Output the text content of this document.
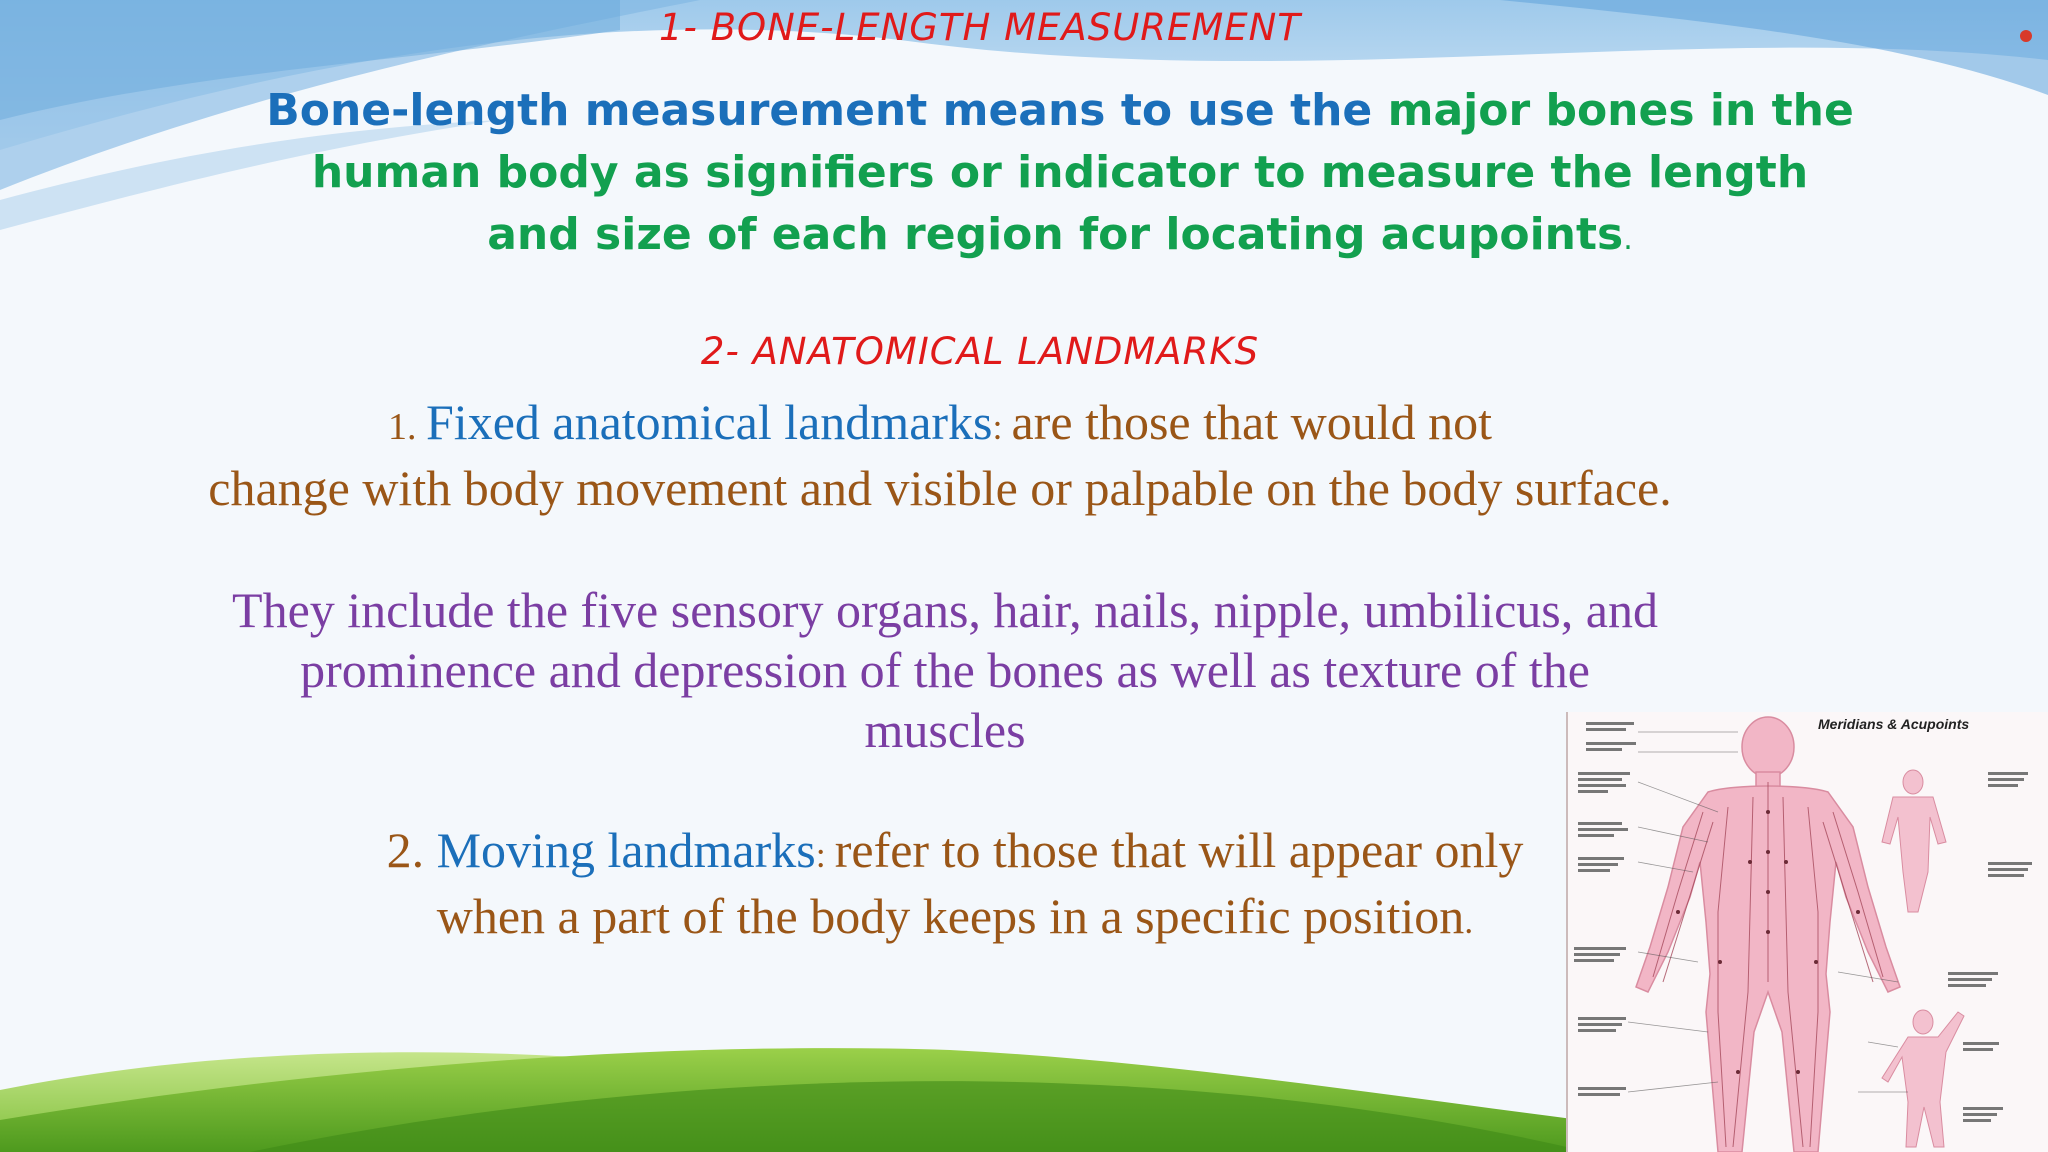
1- BONE-LENGTH MEASUREMENT

Bone-length measurement means to use the major bones in the
human body as signifiers or indicator to measure the length
and size of each region for locating acupoints.

2- ANATOMICAL LANDMARKS

1. Fixed anatomical landmarks: are those that would not
change with body movement and visible or palpable on the body surface.

They include the five sensory organs, hair, nails, nipple, umbilicus, and
prominence and depression of the bones as well as texture of the
muscles

2. Moving landmarks: refer to those that will appear only
when a part of the body keeps in a specific position.

Meridians & Acupoints
